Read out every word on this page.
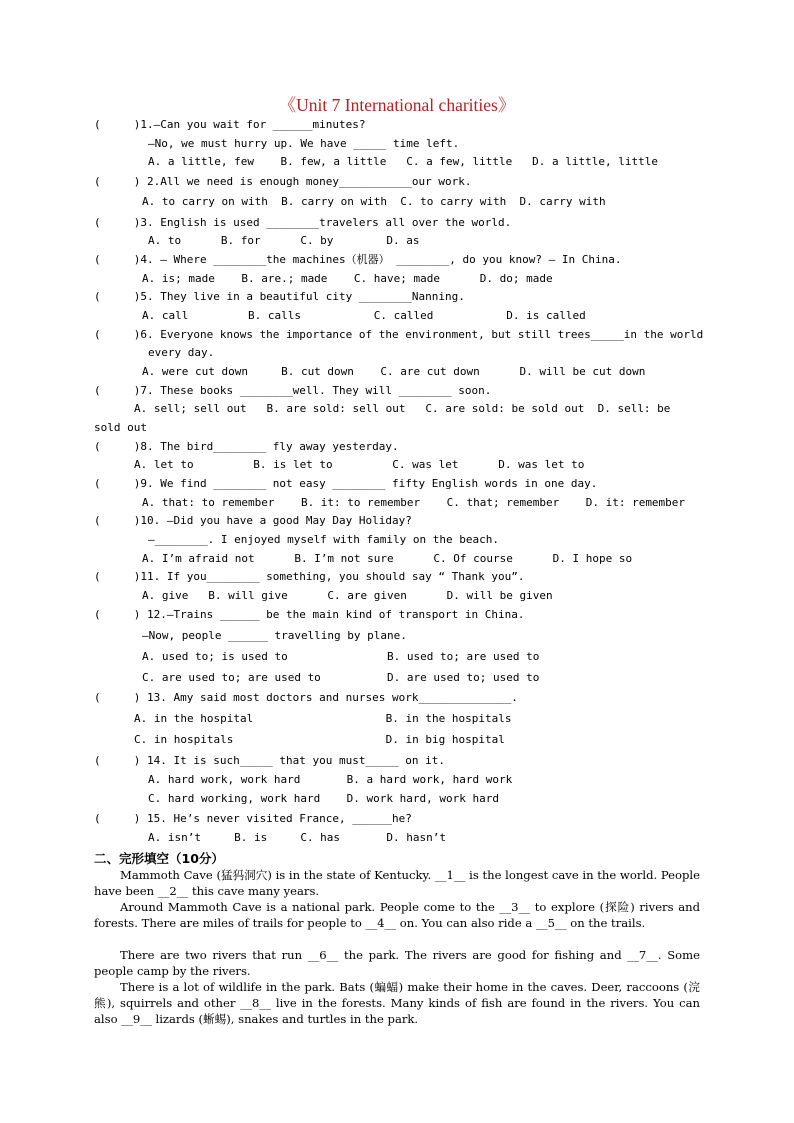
《Unit 7 International charities》
(     )1.—Can you wait for ______minutes?
—No, we must hurry up. We have _____ time left.
A. a little, few    B. few, a little   C. a few, little   D. a little, little
(     ) 2.All we need is enough money___________our work.
A. to carry on with  B. carry on with  C. to carry with  D. carry with
(     )3. English is used ________travelers all over the world.
A. to      B. for      C. by        D. as
(     )4. — Where ________the machines（机器） ________, do you know? — In China.
A. is; made    B. are.; made    C. have; made      D. do; made
(     )5. They live in a beautiful city ________Nanning.
A. call         B. calls           C. called           D. is called
(     )6. Everyone knows the importance of the environment, but still trees_____in the world
every day.
A. were cut down     B. cut down    C. are cut down      D. will be cut down
(     )7. These books ________well. They will ________ soon.
A. sell; sell out   B. are sold: sell out   C. are sold: be sold out  D. sell: be
sold out
(     )8. The bird________ fly away yesterday.
A. let to         B. is let to         C. was let      D. was let to
(     )9. We find ________ not easy ________ fifty English words in one day.
A. that: to remember    B. it: to remember    C. that; remember    D. it: remember
(     )10. —Did you have a good May Day Holiday?
—________. I enjoyed myself with family on the beach.
A. I’m afraid not      B. I’m not sure      C. Of course      D. I hope so
(     )11. If you________ something, you should say “ Thank you”.
A. give   B. will give      C. are given      D. will be given
(     ) 12.—Trains ______ be the main kind of transport in China.
—Now, people ______ travelling by plane.
A. used to; is used to               B. used to; are used to
C. are used to; are used to          D. are used to; used to
(     ) 13. Amy said most doctors and nurses work______________.
A. in the hospital                    B. in the hospitals
C. in hospitals                       D. in big hospital
(     ) 14. It is such_____ that you must_____ on it.
A. hard work, work hard       B. a hard work, hard work
C. hard working, work hard    D. work hard, work hard
(     ) 15. He’s never visited France, ______he?
A. isn’t     B. is     C. has       D. hasn’t
二、完形填空（10分）
Mammoth Cave (猛犸洞穴) is in the state of Kentucky. __1__ is the longest cave in the world. People have been __2__ this cave many years.
Around Mammoth Cave is a national park. People come to the __3__ to explore (探险) rivers and forests. There are miles of trails for people to __4__ on. You can also ride a __5__ on the trails.
There are two rivers that run __6__ the park. The rivers are good for fishing and __7__. Some people camp by the rivers.
There is a lot of wildlife in the park. Bats (蝙蝠) make their home in the caves. Deer, raccoons (浣熊), squirrels and other __8__ live in the forests. Many kinds of fish are found in the rivers. You can also __9__ lizards (蜥蜴), snakes and turtles in the park.
